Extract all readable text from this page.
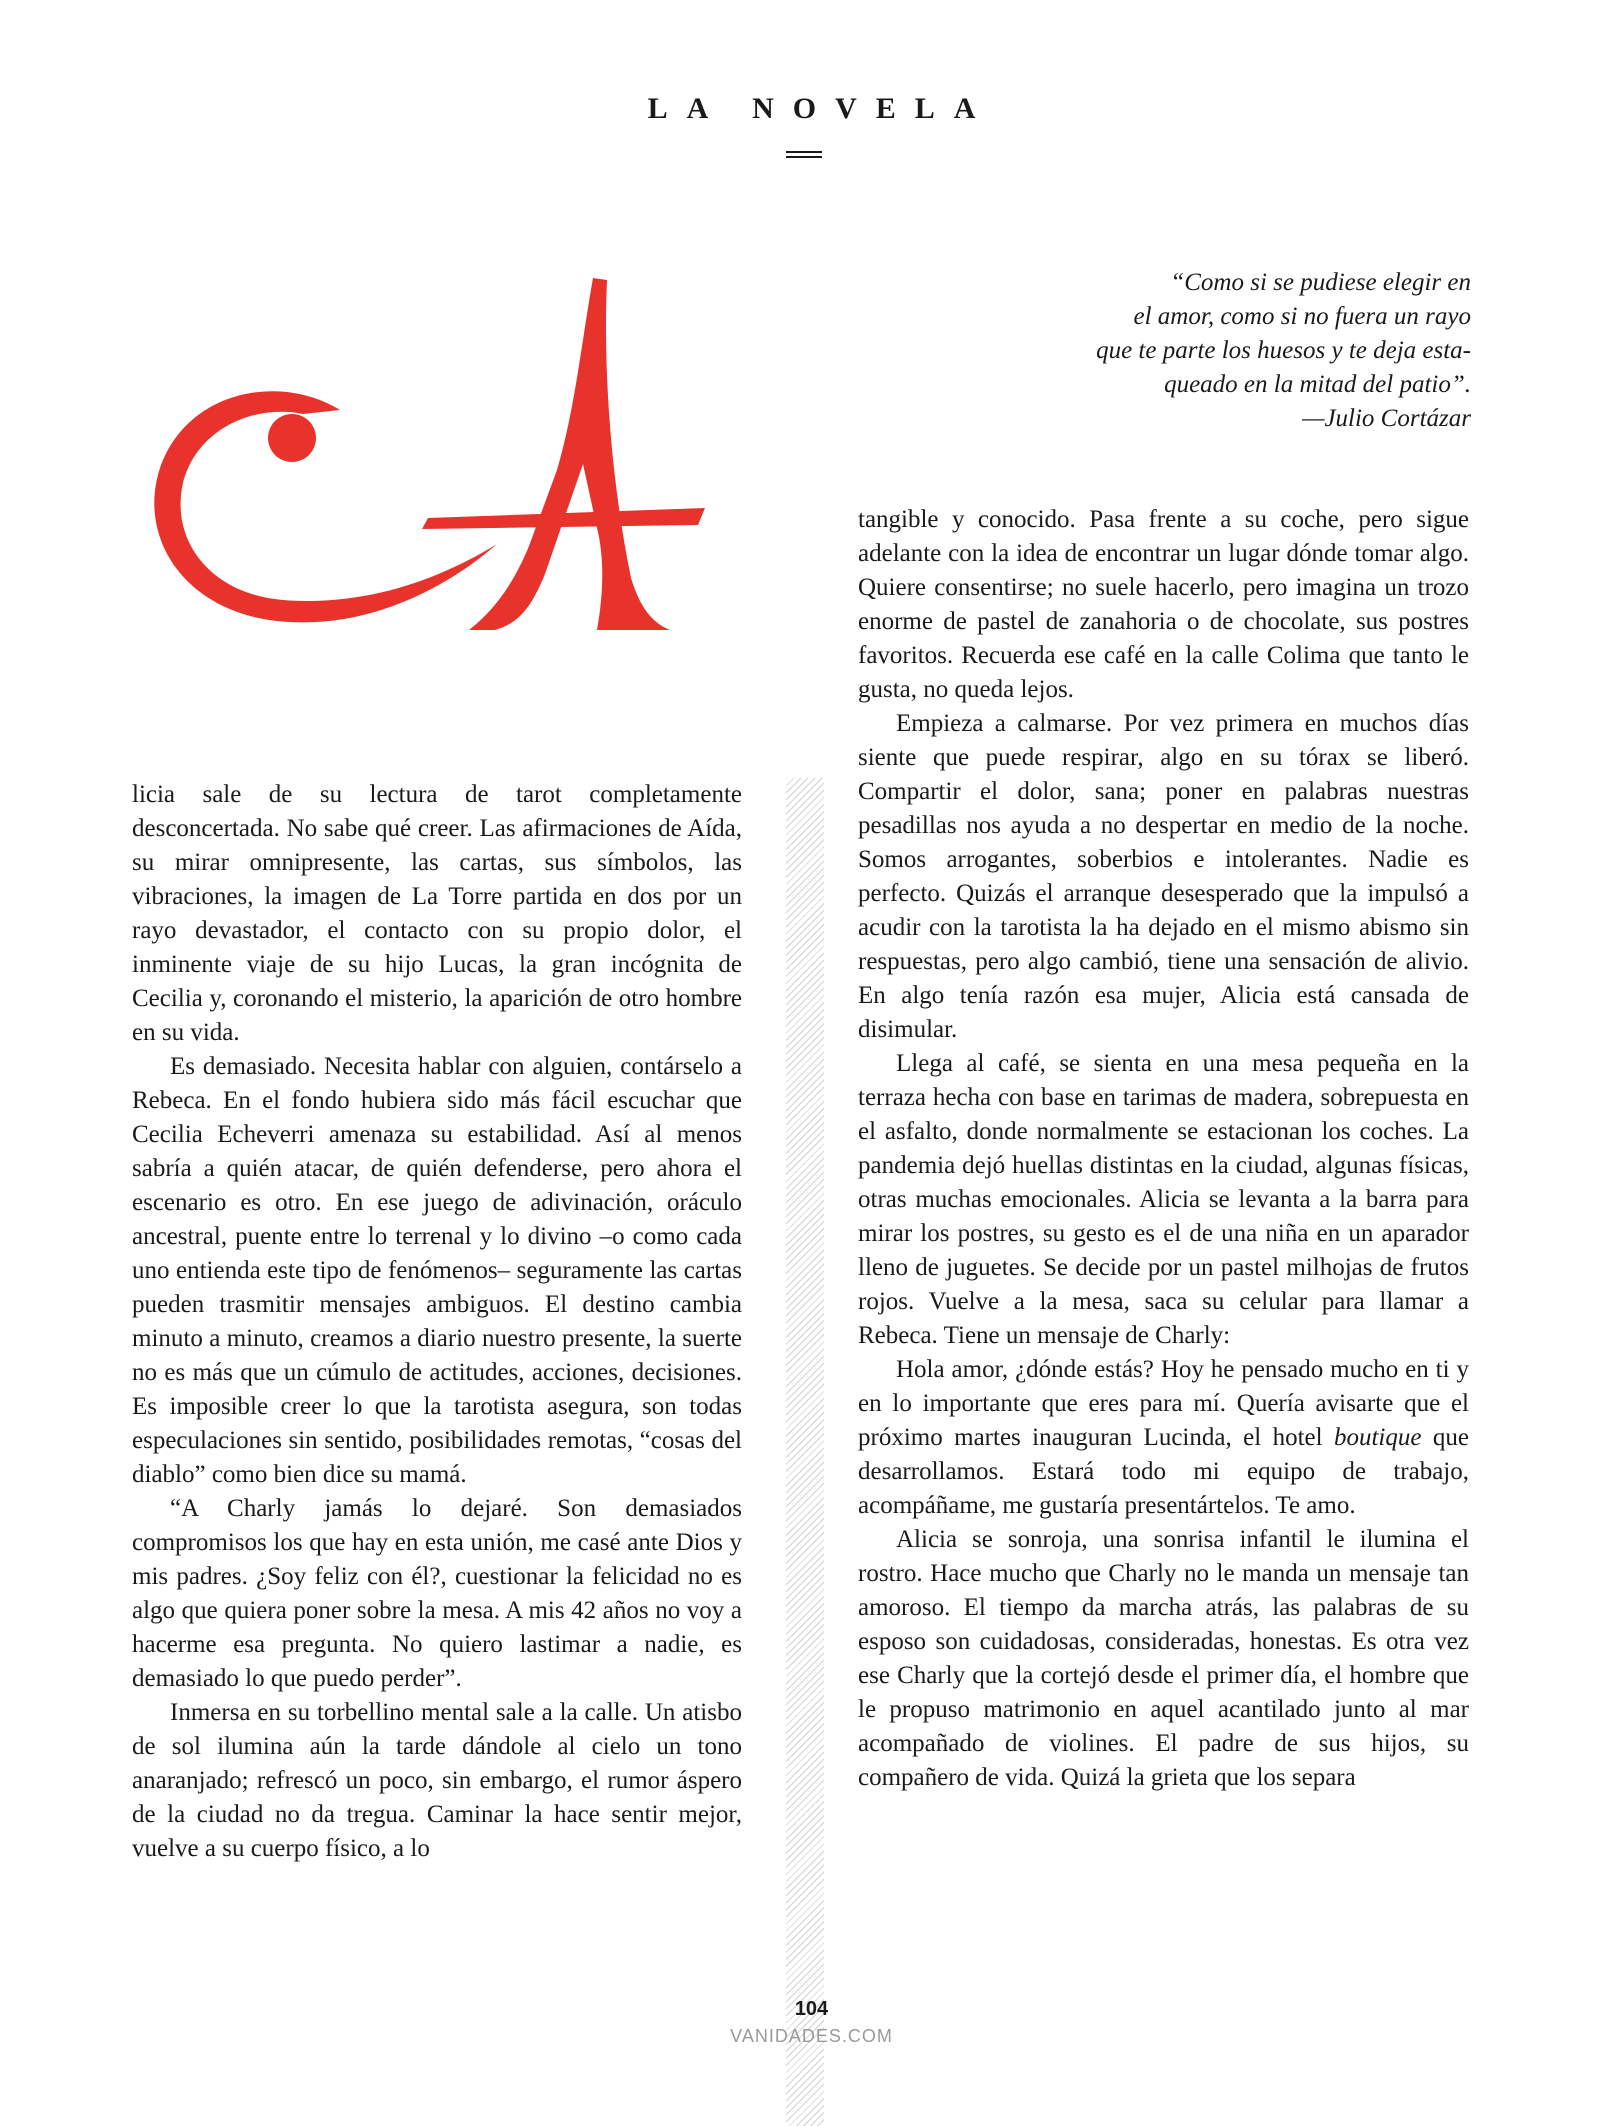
LA NOVELA

“Como si se pudiese elegir en

el amor, como si no fuera un rayo

que te parte los huesos y te deja esta-

queado en la mitad del patio”.

—Julio Cortázar

licia sale de su lectura de tarot completamente desconcertada. No sabe qué creer. Las afirmaciones de Aída, su mirar omnipresente, las cartas, sus símbolos, las vibraciones, la imagen de La Torre partida en dos por un rayo devastador, el contacto con su propio dolor, el inminente viaje de su hijo Lucas, la gran incógnita de Cecilia y, coronando el misterio, la aparición de otro hombre en su vida.

Es demasiado. Necesita hablar con alguien, contárselo a Rebeca. En el fondo hubiera sido más fácil escuchar que Cecilia Echeverri amenaza su estabilidad. Así al menos sabría a quién atacar, de quién defenderse, pero ahora el escenario es otro. En ese juego de adivinación, oráculo ancestral, puente entre lo terrenal y lo divino –o como cada uno entienda este tipo de fenómenos– seguramente las cartas pueden trasmitir mensajes ambiguos. El destino cambia minuto a minuto, creamos a diario nuestro presente, la suerte no es más que un cúmulo de actitudes, acciones, decisiones. Es imposible creer lo que la tarotista asegura, son todas especulaciones sin sentido, posibilidades remotas, “cosas del diablo” como bien dice su mamá.

“A Charly jamás lo dejaré. Son demasiados compromisos los que hay en esta unión, me casé ante Dios y mis padres. ¿Soy feliz con él?, cuestionar la felicidad no es algo que quiera poner sobre la mesa. A mis 42 años no voy a hacerme esa pregunta. No quiero lastimar a nadie, es demasiado lo que puedo perder”.

Inmersa en su torbellino mental sale a la calle. Un atisbo de sol ilumina aún la tarde dándole al cielo un tono anaranjado; refrescó un poco, sin embargo, el rumor áspero de la ciudad no da tregua. Caminar la hace sentir mejor, vuelve a su cuerpo físico, a lo

tangible y conocido. Pasa frente a su coche, pero sigue adelante con la idea de encontrar un lugar dónde tomar algo. Quiere consentirse; no suele hacerlo, pero imagina un trozo enorme de pastel de zanahoria o de chocolate, sus postres favoritos. Recuerda ese café en la calle Colima que tanto le gusta, no queda lejos.

Empieza a calmarse. Por vez primera en muchos días siente que puede respirar, algo en su tórax se liberó. Compartir el dolor, sana; poner en palabras nuestras pesadillas nos ayuda a no despertar en medio de la noche. Somos arrogantes, soberbios e intolerantes. Nadie es perfecto. Quizás el arranque desesperado que la impulsó a acudir con la tarotista la ha dejado en el mismo abismo sin respuestas, pero algo cambió, tiene una sensación de alivio. En algo tenía razón esa mujer, Alicia está cansada de disimular.

Llega al café, se sienta en una mesa pequeña en la terraza hecha con base en tarimas de madera, sobrepuesta en el asfalto, donde normalmente se estacionan los coches. La pandemia dejó huellas distintas en la ciudad, algunas físicas, otras muchas emocionales. Alicia se levanta a la barra para mirar los postres, su gesto es el de una niña en un aparador lleno de juguetes. Se decide por un pastel milhojas de frutos rojos. Vuelve a la mesa, saca su celular para llamar a Rebeca. Tiene un mensaje de Charly:

Hola amor, ¿dónde estás? Hoy he pensado mucho en ti y en lo importante que eres para mí. Quería avisarte que el próximo martes inauguran Lucinda, el hotel boutique que desarrollamos. Estará todo mi equipo de trabajo, acompáñame, me gustaría presentártelos. Te amo.

Alicia se sonroja, una sonrisa infantil le ilumina el rostro. Hace mucho que Charly no le manda un mensaje tan amoroso. El tiempo da marcha atrás, las palabras de su esposo son cuidadosas, consideradas, honestas. Es otra vez ese Charly que la cortejó desde el primer día, el hombre que le propuso matrimonio en aquel acantilado junto al mar acompañado de violines. El padre de sus hijos, su compañero de vida. Quizá la grieta que los separa

104
VANIDADES.COM
